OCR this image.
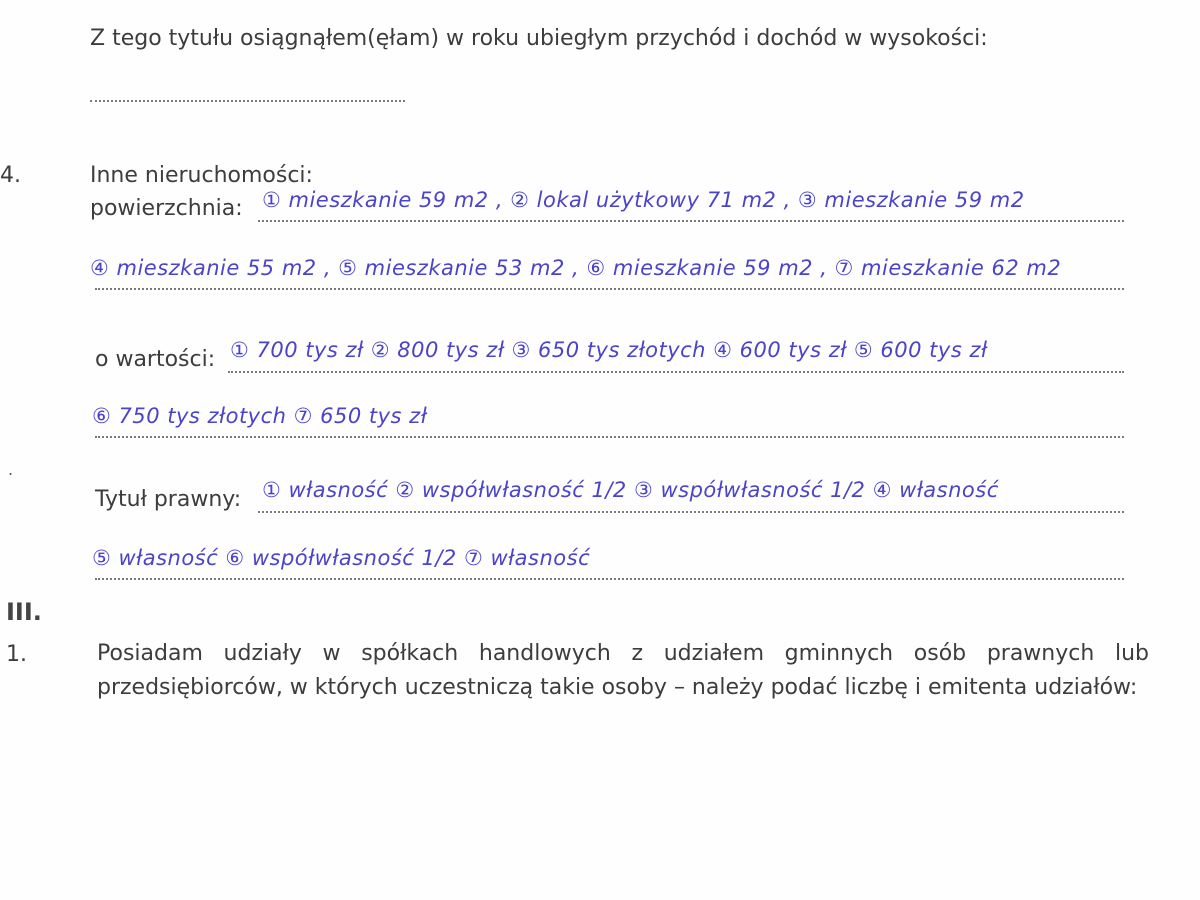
Z tego tytułu osiągnąłem(ęłam) w roku ubiegłym przychód i dochód w wysokości:
4.	Inne nieruchomości:
powierzchnia: ① mieszkanie 59 m2 , ② lokal użytkowy 71 m2 , ③ mieszkanie 59 m2
④ mieszkanie 55 m2 , ⑤ mieszkanie 53 m2 , ⑥ mieszkanie 59 m2 , ⑦ mieszkanie 62 m2
o wartości: ① 700 tys zł ② 800 tys zł ③ 650 tys złotych ④ 600 tys zł ⑤ 600 tys zł
⑥ 750 tys złotych ⑦ 650 tys zł
.
Tytuł prawny: ① własność ② współwłasność 1/2 ③ współwłasność 1/2 ④ własność
⑤ własność ⑥ współwłasność 1/2 ⑦ własność
III.
1.	Posiadam udziały w spółkach handlowych z udziałem gminnych osób prawnych lub przedsiębiorców, w których uczestniczą takie osoby – należy podać liczbę i emitenta udziałów:
